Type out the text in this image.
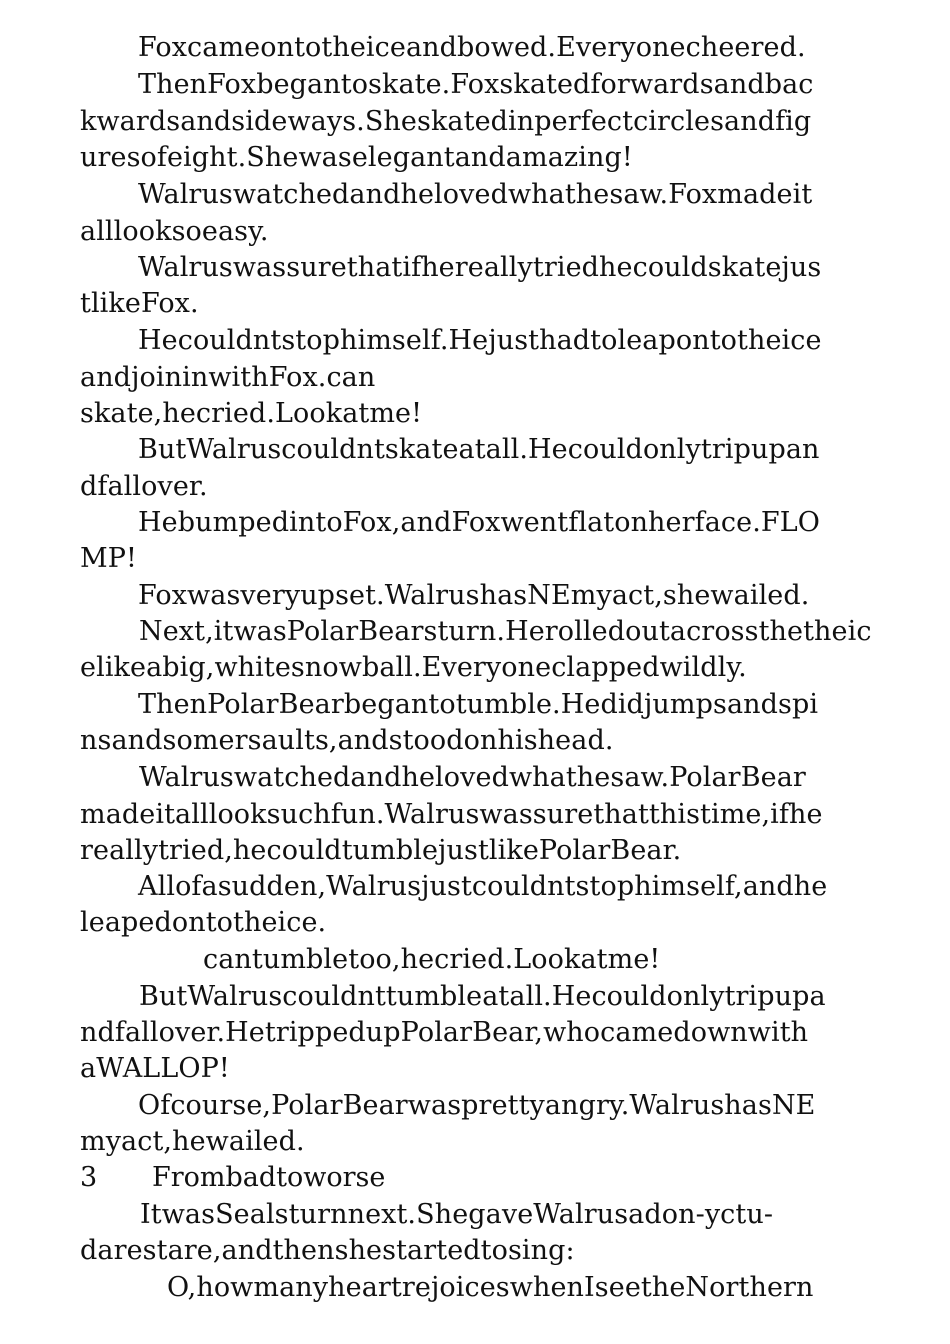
Foxcameontotheiceandbowed.Everyonecheered.
ThenFoxbegantoskate.Foxskatedforwardsandbac
kwardsandsideways.Sheskatedinperfectcirclesandfig
uresofeight.Shewaselegantandamazing!
Walruswatchedandhelovedwhathesaw.Foxmadeit
alllooksoeasy.
Walruswassurethatifhereallytriedhecouldskatejus
tlikeFox.
Hecouldntstophimself.Hejusthadtoleapontotheice
andjoininwithFox.can
skate,hecried.Lookatme!
ButWalruscouldntskateatall.Hecouldonlytripupan
dfallover.
HebumpedintoFox,andFoxwentflatonherface.FLO
MP!
Foxwasveryupset.WalrushasNEmyact,shewailed.
Next,itwasPolarBearsturn.Herolledoutacrossthetheic
elikeabig,whitesnowball.Everyoneclappedwildly.
ThenPolarBearbegantotumble.Hedidjumpsandspi
nsandsomersaults,andstoodonhishead.
Walruswatchedandhelovedwhathesaw.PolarBear
madeitalllooksuchfun.Walruswassurethatthistime,ifhe
reallytried,hecouldtumblejustlikePolarBear.
Allofasudden,Walrusjustcouldntstophimself,andhe
leapedontotheice.
cantumbletoo,hecried.Lookatme!
ButWalruscouldnttumbleatall.Hecouldonlytripupa
ndfallover.HetrippedupPolarBear,whocamedownwith
aWALLOP!
Ofcourse,PolarBearwasprettyangry.WalrushasNE
myact,hewailed.
3 Frombadtoworse
ItwasSealsturnnext.ShegaveWalrusadon-yctu-
darestare,andthenshestartedtosing:
O,howmanyheartrejoiceswhenIseetheNorthern
